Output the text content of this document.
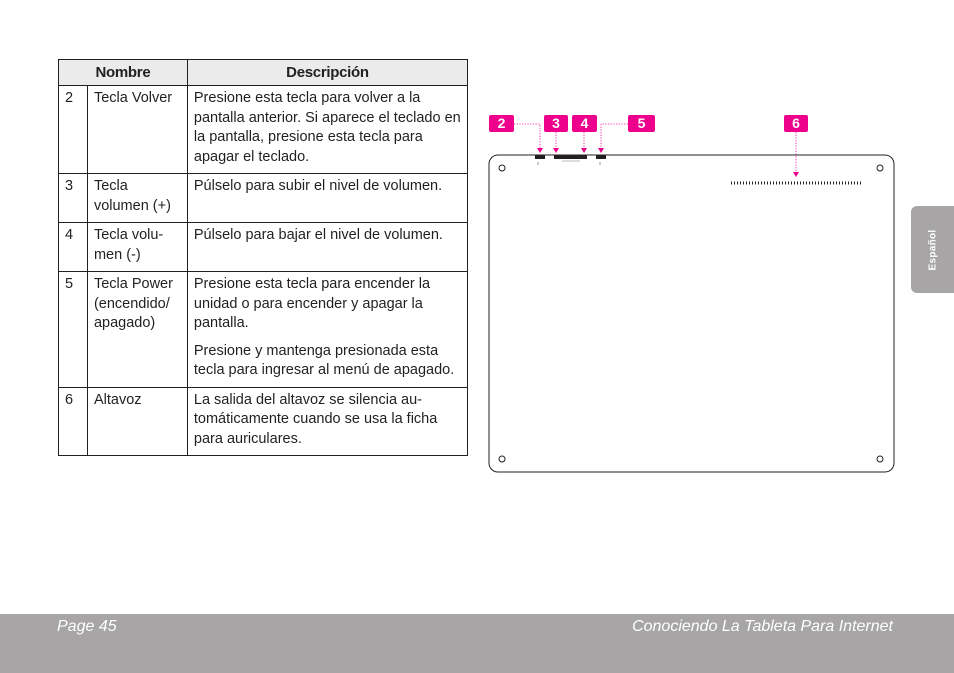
Nombre		Descripción
2	Tecla Volver	Presione esta tecla para volver a la pantalla anterior. Si aparece el teclado en la pantalla, presione esta tecla para apagar el teclado.

3	Tecla volumen (+)	Púlselo para subir el nivel de volumen.

4	Tecla volu-men (-)	Púlselo para bajar el nivel de volumen.

5	Tecla Power (encendido/ apagado)	Presione esta tecla para encender la unidad o para encender y apagar la pantalla.

Presione y mantenga presionada esta tecla para ingresar al menú de apagado.

6	Altavoz	La salida del altavoz se silencia au-tomáticamente cuando se usa la ficha para auriculares.

2	3	4	5	6
Español
Page 45	Conociendo La Tableta Para Internet
